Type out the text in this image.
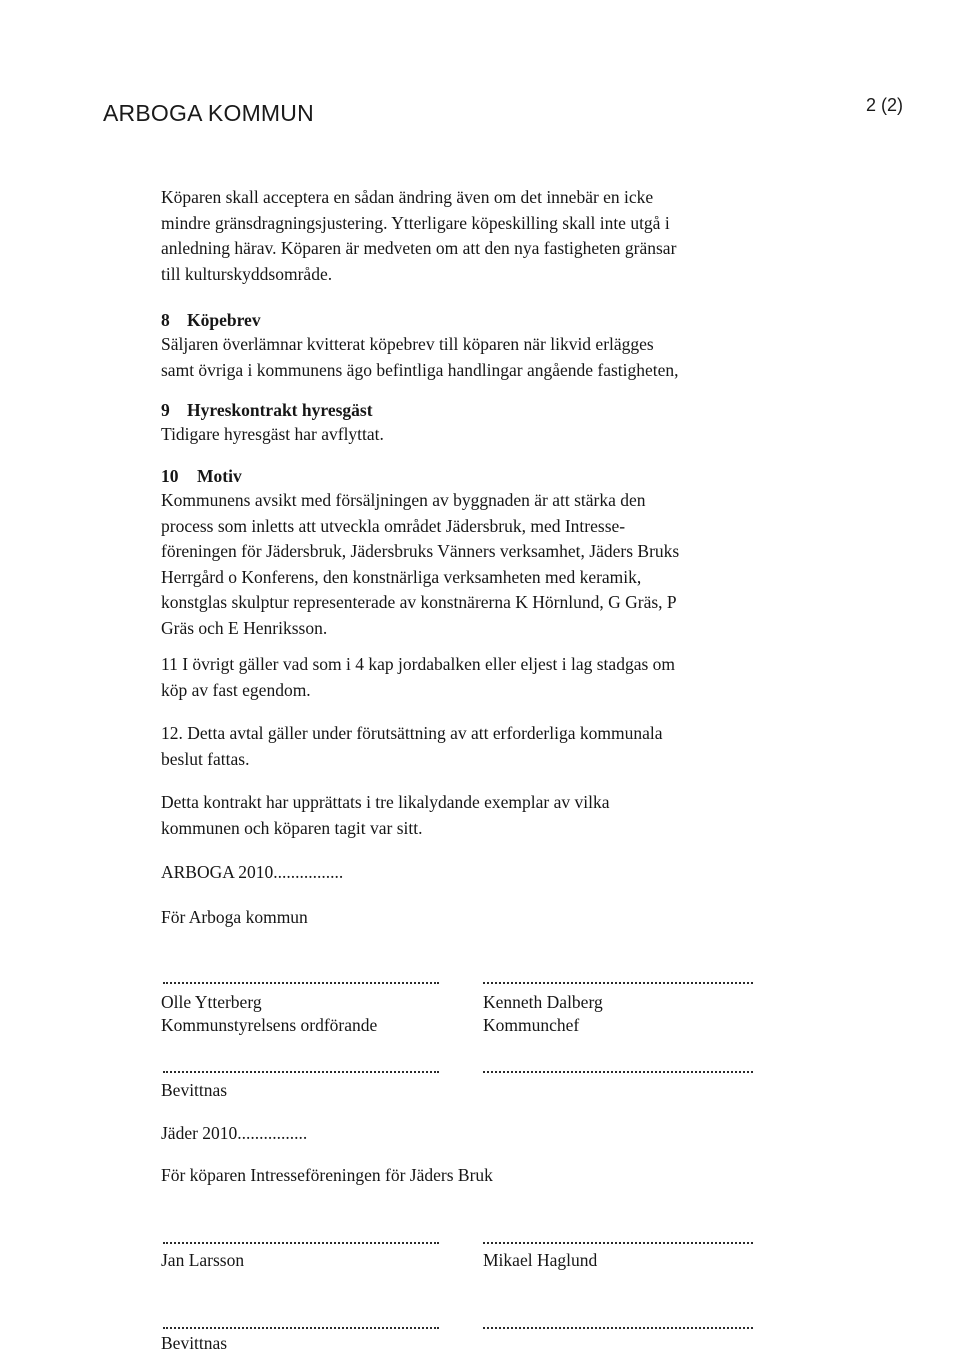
ARBOGA KOMMUN	2 (2)
Köparen skall acceptera en sådan ändring även om det innebär en icke
mindre gränsdragningsjustering. Ytterligare köpeskilling skall inte utgå i
anledning härav. Köparen är medveten om att den nya fastigheten gränsar
till kulturskyddsområde.
8 Köpebrev
Säljaren överlämnar kvitterat köpebrev till köparen när likvid erlägges
samt övriga i kommunens ägo befintliga handlingar angående fastigheten,
9 Hyreskontrakt hyresgäst
Tidigare hyresgäst har avflyttat.
10 Motiv
Kommunens avsikt med försäljningen av byggnaden är att stärka den
process som inletts att utveckla området Jädersbruk, med Intresse-
föreningen för Jädersbruk, Jädersbruks Vänners verksamhet, Jäders Bruks
Herrgård o Konferens, den konstnärliga verksamheten med keramik,
konstglas skulptur representerade av konstnärerna K Hörnlund, G Gräs, P
Gräs och E Henriksson.
11 I övrigt gäller vad som i 4 kap jordabalken eller eljest i lag stadgas om
köp av fast egendom.
12. Detta avtal gäller under förutsättning av att erforderliga kommunala
beslut fattas.
Detta kontrakt har upprättats i tre likalydande exemplar av vilka
kommunen och köparen tagit var sitt.
ARBOGA 2010................
För Arboga kommun
Olle Ytterberg
Kommunstyrelsens ordförande
Kenneth Dalberg
Kommunchef
Bevittnas
Jäder 2010................
För köparen Intresseföreningen för Jäders Bruk
Jan Larsson	Mikael Haglund
Bevittnas
